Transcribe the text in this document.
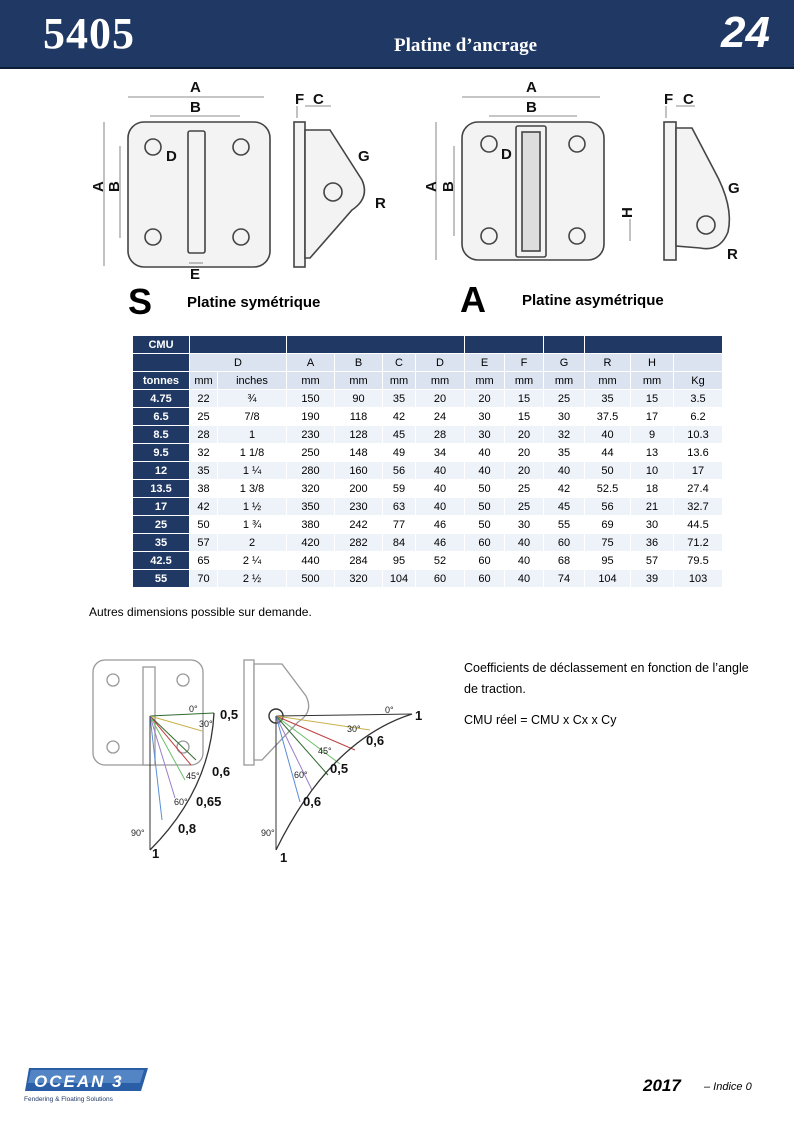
5405	Platine d’ancrage	24
A
B
A B
D
E
F C
G
R
A
B
A B
D
F C
G
H
R
S Platine symétrique	A Platine asymétrique
CMU												
	D		A	B	C	D	E	F	G	R	H	
tonnes	mm	inches	mm	mm	mm	mm	mm	mm	mm	mm	mm	Kg
4.75	22	¾	150	90	35	20	20	15	25	35	15	3.5
6.5	25	7/8	190	118	42	24	30	15	30	37.5	17	6.2
8.5	28	1	230	128	45	28	30	20	32	40	9	10.3
9.5	32	1 1/8	250	148	49	34	40	20	35	44	13	13.6
12	35	1 ¼	280	160	56	40	40	20	40	50	10	17
13.5	38	1 3/8	320	200	59	40	50	25	42	52.5	18	27.4
17	42	1 ½	350	230	63	40	50	25	45	56	21	32.7
25	50	1 ¾	380	242	77	46	50	30	55	69	30	44.5
35	57	2	420	282	84	46	60	40	60	75	36	71.2
42.5	65	2 ¼	440	284	95	52	60	40	68	95	57	79.5
55	70	2 ½	500	320	104	60	60	40	74	104	39	103
Autres dimensions possible sur demande.
0°
30°
45°
60°
90°
0°
30°
45°
60°
90°
0,5
0,6
0,65
0,8
1
1
0,6
0,5
0,6
1
Coefficients de déclassement en fonction de l’angle de traction.
CMU réel = CMU x Cx x Cy
OCEAN 3
Fendering & Floating Solutions
2017 – Indice 0
